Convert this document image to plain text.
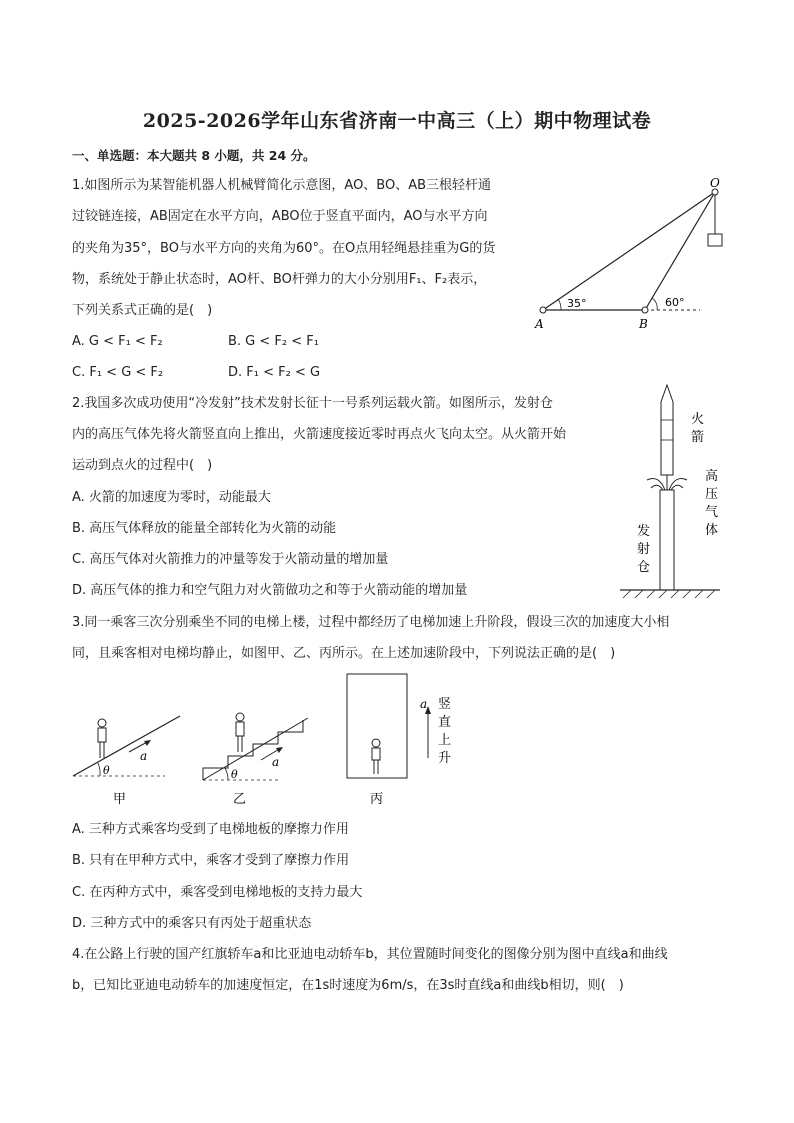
2025-2026学年山东省济南一中高三（上）期中物理试卷
一、单选题：本大题共 8 小题，共 24 分。
1.如图所示为某智能机器人机械臂简化示意图，AO、BO、AB三根轻杆通
过铰链连接，AB固定在水平方向，ABO位于竖直平面内，AO与水平方向
的夹角为35°，BO与水平方向的夹角为60°。在O点用轻绳悬挂重为G的货
物，系统处于静止状态时，AO杆、BO杆弹力的大小分别用F₁、F₂表示，
下列关系式正确的是(　)
A. G < F₁ < F₂	B. G < F₂ < F₁
C. F₁ < G < F₂	D. F₁ < F₂ < G
O
A	B
35°	60°
2.我国多次成功使用“冷发射”技术发射长征十一号系列运载火箭。如图所示，发射仓
内的高压气体先将火箭竖直向上推出，火箭速度接近零时再点火飞向太空。从火箭开始
运动到点火的过程中(　)
A. 火箭的加速度为零时，动能最大
B. 高压气体释放的能量全部转化为火箭的动能
C. 高压气体对火箭推力的冲量等发于火箭动量的增加量
D. 高压气体的推力和空气阻力对火箭做功之和等于火箭动能的增加量
火
箭
高
压
气
体
发
射
仓
3.同一乘客三次分别乘坐不同的电梯上楼，过程中都经历了电梯加速上升阶段，假设三次的加速度大小相
同，且乘客相对电梯均静止，如图甲、乙、丙所示。在上述加速阶段中，下列说法正确的是(　)
a
θ
甲
a
θ
乙
a 竖
直
上
升
丙
A. 三种方式乘客均受到了电梯地板的摩擦力作用
B. 只有在甲种方式中，乘客才受到了摩擦力作用
C. 在丙种方式中，乘客受到电梯地板的支持力最大
D. 三种方式中的乘客只有丙处于超重状态
4.在公路上行驶的国产红旗轿车a和比亚迪电动轿车b，其位置随时间变化的图像分别为图中直线a和曲线
b，已知比亚迪电动轿车的加速度恒定，在1s时速度为6m/s，在3s时直线a和曲线b相切，则(　)
